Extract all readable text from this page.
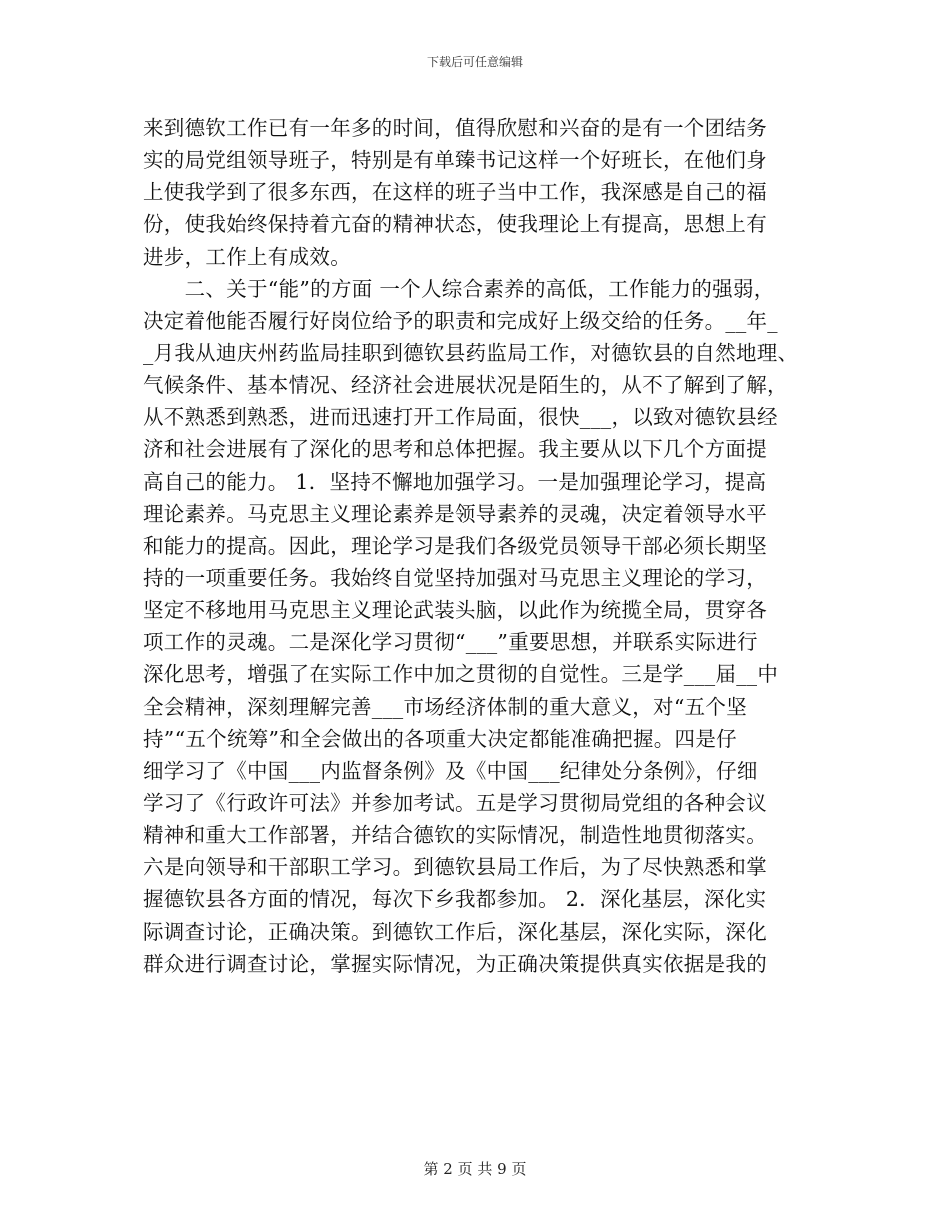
下载后可任意编辑
来到德钦工作已有一年多的时间，值得欣慰和兴奋的是有一个团结务
实的局党组领导班子，特别是有单臻书记这样一个好班长，在他们身
上使我学到了很多东西，在这样的班子当中工作，我深感是自己的福
份，使我始终保持着亢奋的精神状态，使我理论上有提高，思想上有
进步，工作上有成效。
　　二、关于“能”的方面 一个人综合素养的高低，工作能力的强弱，
决定着他能否履行好岗位给予的职责和完成好上级交给的任务。__年_
_月我从迪庆州药监局挂职到德钦县药监局工作，对德钦县的自然地理、
气候条件、基本情况、经济社会进展状况是陌生的，从不了解到了解，
从不熟悉到熟悉，进而迅速打开工作局面，很快___，以致对德钦县经
济和社会进展有了深化的思考和总体把握。我主要从以下几个方面提
高自己的能力。 1．坚持不懈地加强学习。一是加强理论学习，提高
理论素养。马克思主义理论素养是领导素养的灵魂，决定着领导水平
和能力的提高。因此，理论学习是我们各级党员领导干部必须长期坚
持的一项重要任务。我始终自觉坚持加强对马克思主义理论的学习，
坚定不移地用马克思主义理论武装头脑，以此作为统揽全局，贯穿各
项工作的灵魂。二是深化学习贯彻“___”重要思想，并联系实际进行
深化思考，增强了在实际工作中加之贯彻的自觉性。三是学___届__中
全会精神，深刻理解完善___市场经济体制的重大意义，对“五个坚
持”“五个统筹”和全会做出的各项重大决定都能准确把握。四是仔
细学习了《中国___内监督条例》及《中国___纪律处分条例》，仔细
学习了《行政许可法》并参加考试。五是学习贯彻局党组的各种会议
精神和重大工作部署，并结合德钦的实际情况，制造性地贯彻落实。
六是向领导和干部职工学习。到德钦县局工作后，为了尽快熟悉和掌
握德钦县各方面的情况，每次下乡我都参加。 2．深化基层，深化实
际调查讨论，正确决策。到德钦工作后，深化基层，深化实际，深化
群众进行调查讨论，掌握实际情况，为正确决策提供真实依据是我的
第 2 页 共 9 页
